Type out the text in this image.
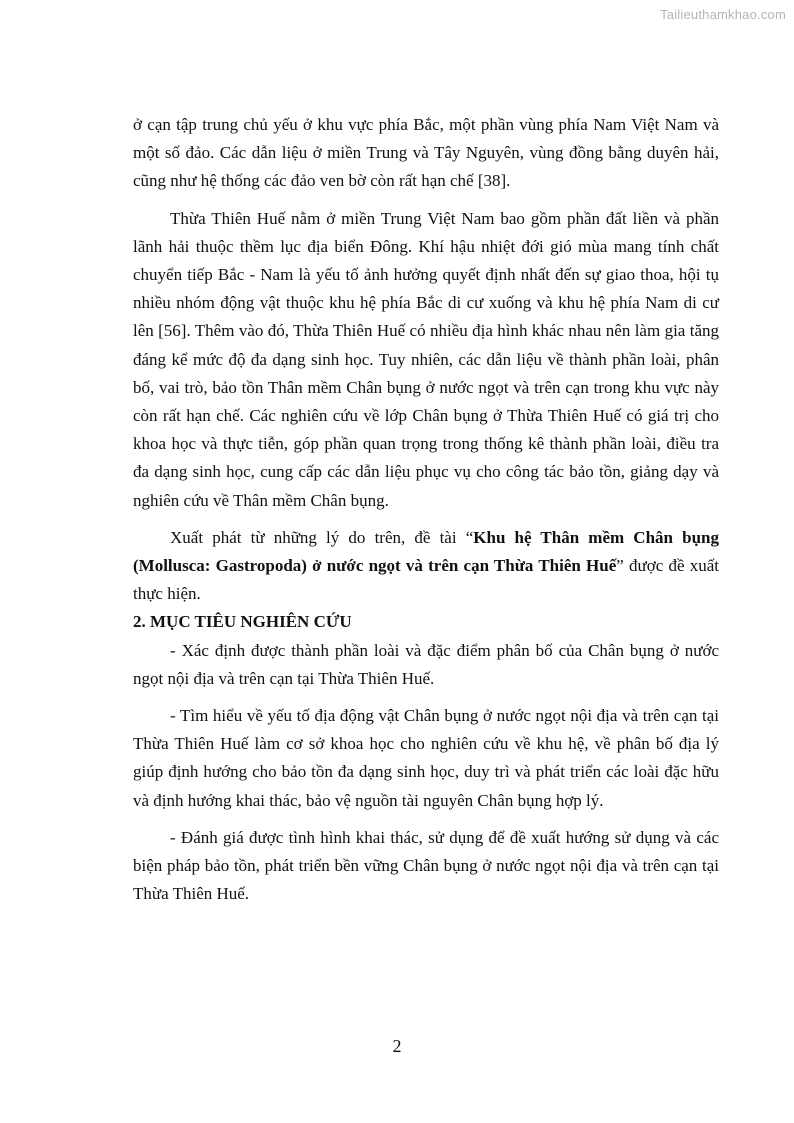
Tailieuthamkhao.com

ở cạn tập trung chủ yếu ở khu vực phía Bắc, một phần vùng phía Nam Việt Nam và một số đảo. Các dẫn liệu ở miền Trung và Tây Nguyên, vùng đồng bằng duyên hải, cũng như hệ thống các đảo ven bờ còn rất hạn chế [38].

Thừa Thiên Huế nằm ở miền Trung Việt Nam bao gồm phần đất liền và phần lãnh hải thuộc thềm lục địa biển Đông. Khí hậu nhiệt đới gió mùa mang tính chất chuyển tiếp Bắc - Nam là yếu tố ảnh hưởng quyết định nhất đến sự giao thoa, hội tụ nhiều nhóm động vật thuộc khu hệ phía Bắc di cư xuống và khu hệ phía Nam di cư lên [56]. Thêm vào đó, Thừa Thiên Huế có nhiều địa hình khác nhau nên làm gia tăng đáng kể mức độ đa dạng sinh học. Tuy nhiên, các dẫn liệu về thành phần loài, phân bố, vai trò, bảo tồn Thân mềm Chân bụng ở nước ngọt và trên cạn trong khu vực này còn rất hạn chế. Các nghiên cứu về lớp Chân bụng ở Thừa Thiên Huế có giá trị cho khoa học và thực tiễn, góp phần quan trọng trong thống kê thành phần loài, điều tra đa dạng sinh học, cung cấp các dẫn liệu phục vụ cho công tác bảo tồn, giảng dạy và nghiên cứu về Thân mềm Chân bụng.

Xuất phát từ những lý do trên, đề tài “Khu hệ Thân mềm Chân bụng (Mollusca: Gastropoda) ở nước ngọt và trên cạn Thừa Thiên Huế” được đề xuất thực hiện.

2. MỤC TIÊU NGHIÊN CỨU

- Xác định được thành phần loài và đặc điểm phân bố của Chân bụng ở nước ngọt nội địa và trên cạn tại Thừa Thiên Huế.

- Tìm hiểu về yếu tố địa động vật Chân bụng ở nước ngọt nội địa và trên cạn tại Thừa Thiên Huế làm cơ sở khoa học cho nghiên cứu về khu hệ, về phân bố địa lý giúp định hướng cho bảo tồn đa dạng sinh học, duy trì và phát triển các loài đặc hữu và định hướng khai thác, bảo vệ nguồn tài nguyên Chân bụng hợp lý.

- Đánh giá được tình hình khai thác, sử dụng để đề xuất hướng sử dụng và các biện pháp bảo tồn, phát triển bền vững Chân bụng ở nước ngọt nội địa và trên cạn tại Thừa Thiên Huế.

2
